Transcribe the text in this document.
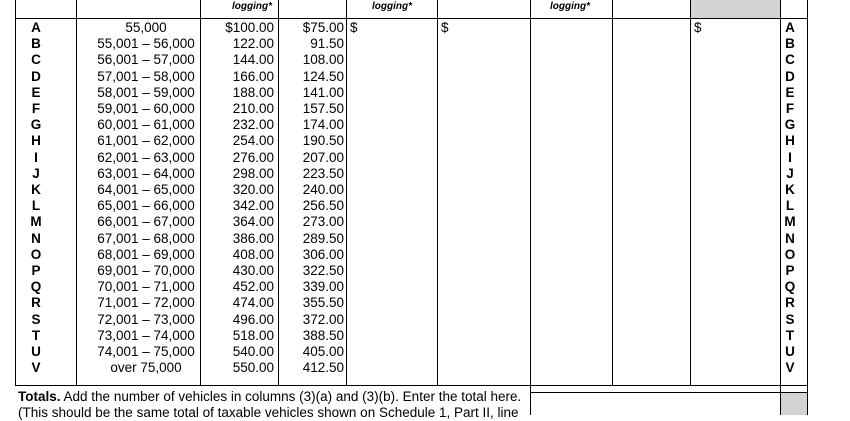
logging*	logging*	logging*
$	$	$
A	55,000	$100.00	$75.00	A
B	55,001 – 56,000	122.00	91.50	B
C	56,001 – 57,000	144.00	108.00	C
D	57,001 – 58,000	166.00	124.50	D
E	58,001 – 59,000	188.00	141.00	E
F	59,001 – 60,000	210.00	157.50	F
G	60,001 – 61,000	232.00	174.00	G
H	61,001 – 62,000	254.00	190.50	H
I	62,001 – 63,000	276.00	207.00	I
J	63,001 – 64,000	298.00	223.50	J
K	64,001 – 65,000	320.00	240.00	K
L	65,001 – 66,000	342.00	256.50	L
M	66,001 – 67,000	364.00	273.00	M
N	67,001 – 68,000	386.00	289.50	N
O	68,001 – 69,000	408.00	306.00	O
P	69,001 – 70,000	430.00	322.50	P
Q	70,001 – 71,000	452.00	339.00	Q
R	71,001 – 72,000	474.00	355.50	R
S	72,001 – 73,000	496.00	372.00	S
T	73,001 – 74,000	518.00	388.50	T
U	74,001 – 75,000	540.00	405.00	U
V	over 75,000	550.00	412.50	V
Totals. Add the number of vehicles in columns (3)(a) and (3)(b). Enter the total here.
(This should be the same total of taxable vehicles shown on Schedule 1, Part II, line
